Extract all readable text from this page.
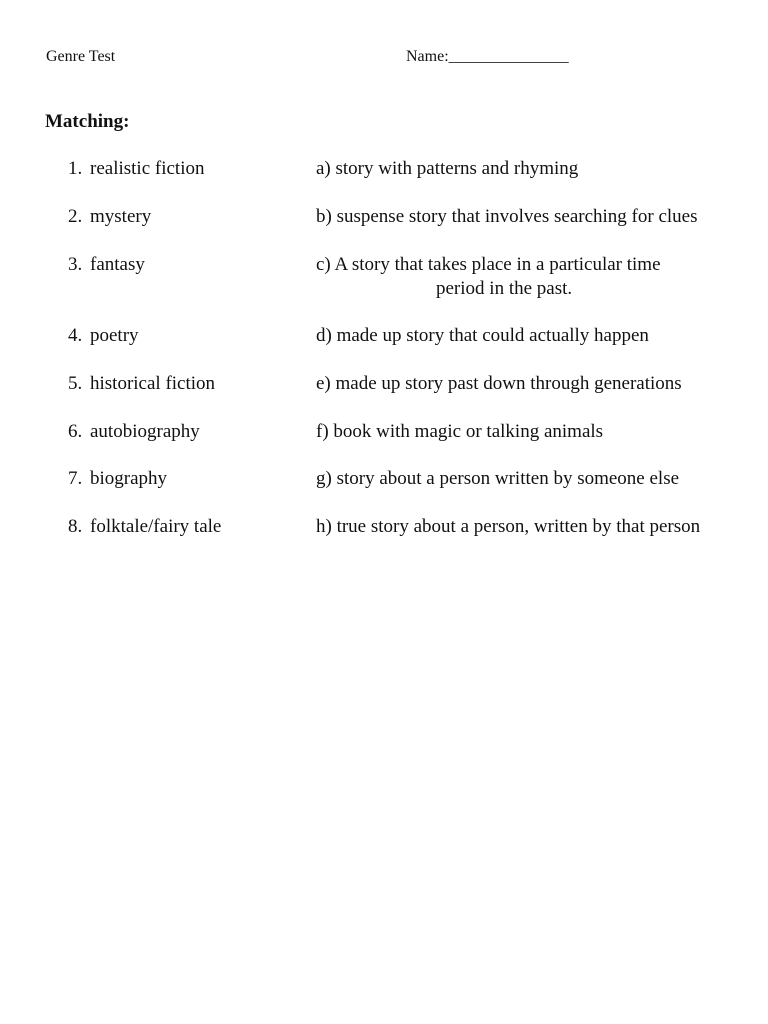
Genre Test	Name:_______________
Matching:
1. realistic fiction	a) story with patterns and rhyming
2. mystery	b) suspense story that involves searching for clues
3. fantasy	c) A story that takes place in a particular time
period in the past.
4. poetry	d) made up story that could actually happen
5. historical fiction	e) made up story past down through generations
6. autobiography	f) book with magic or talking animals
7. biography	g) story about a person written by someone else
8. folktale/fairy tale	h) true story about a person, written by that person
